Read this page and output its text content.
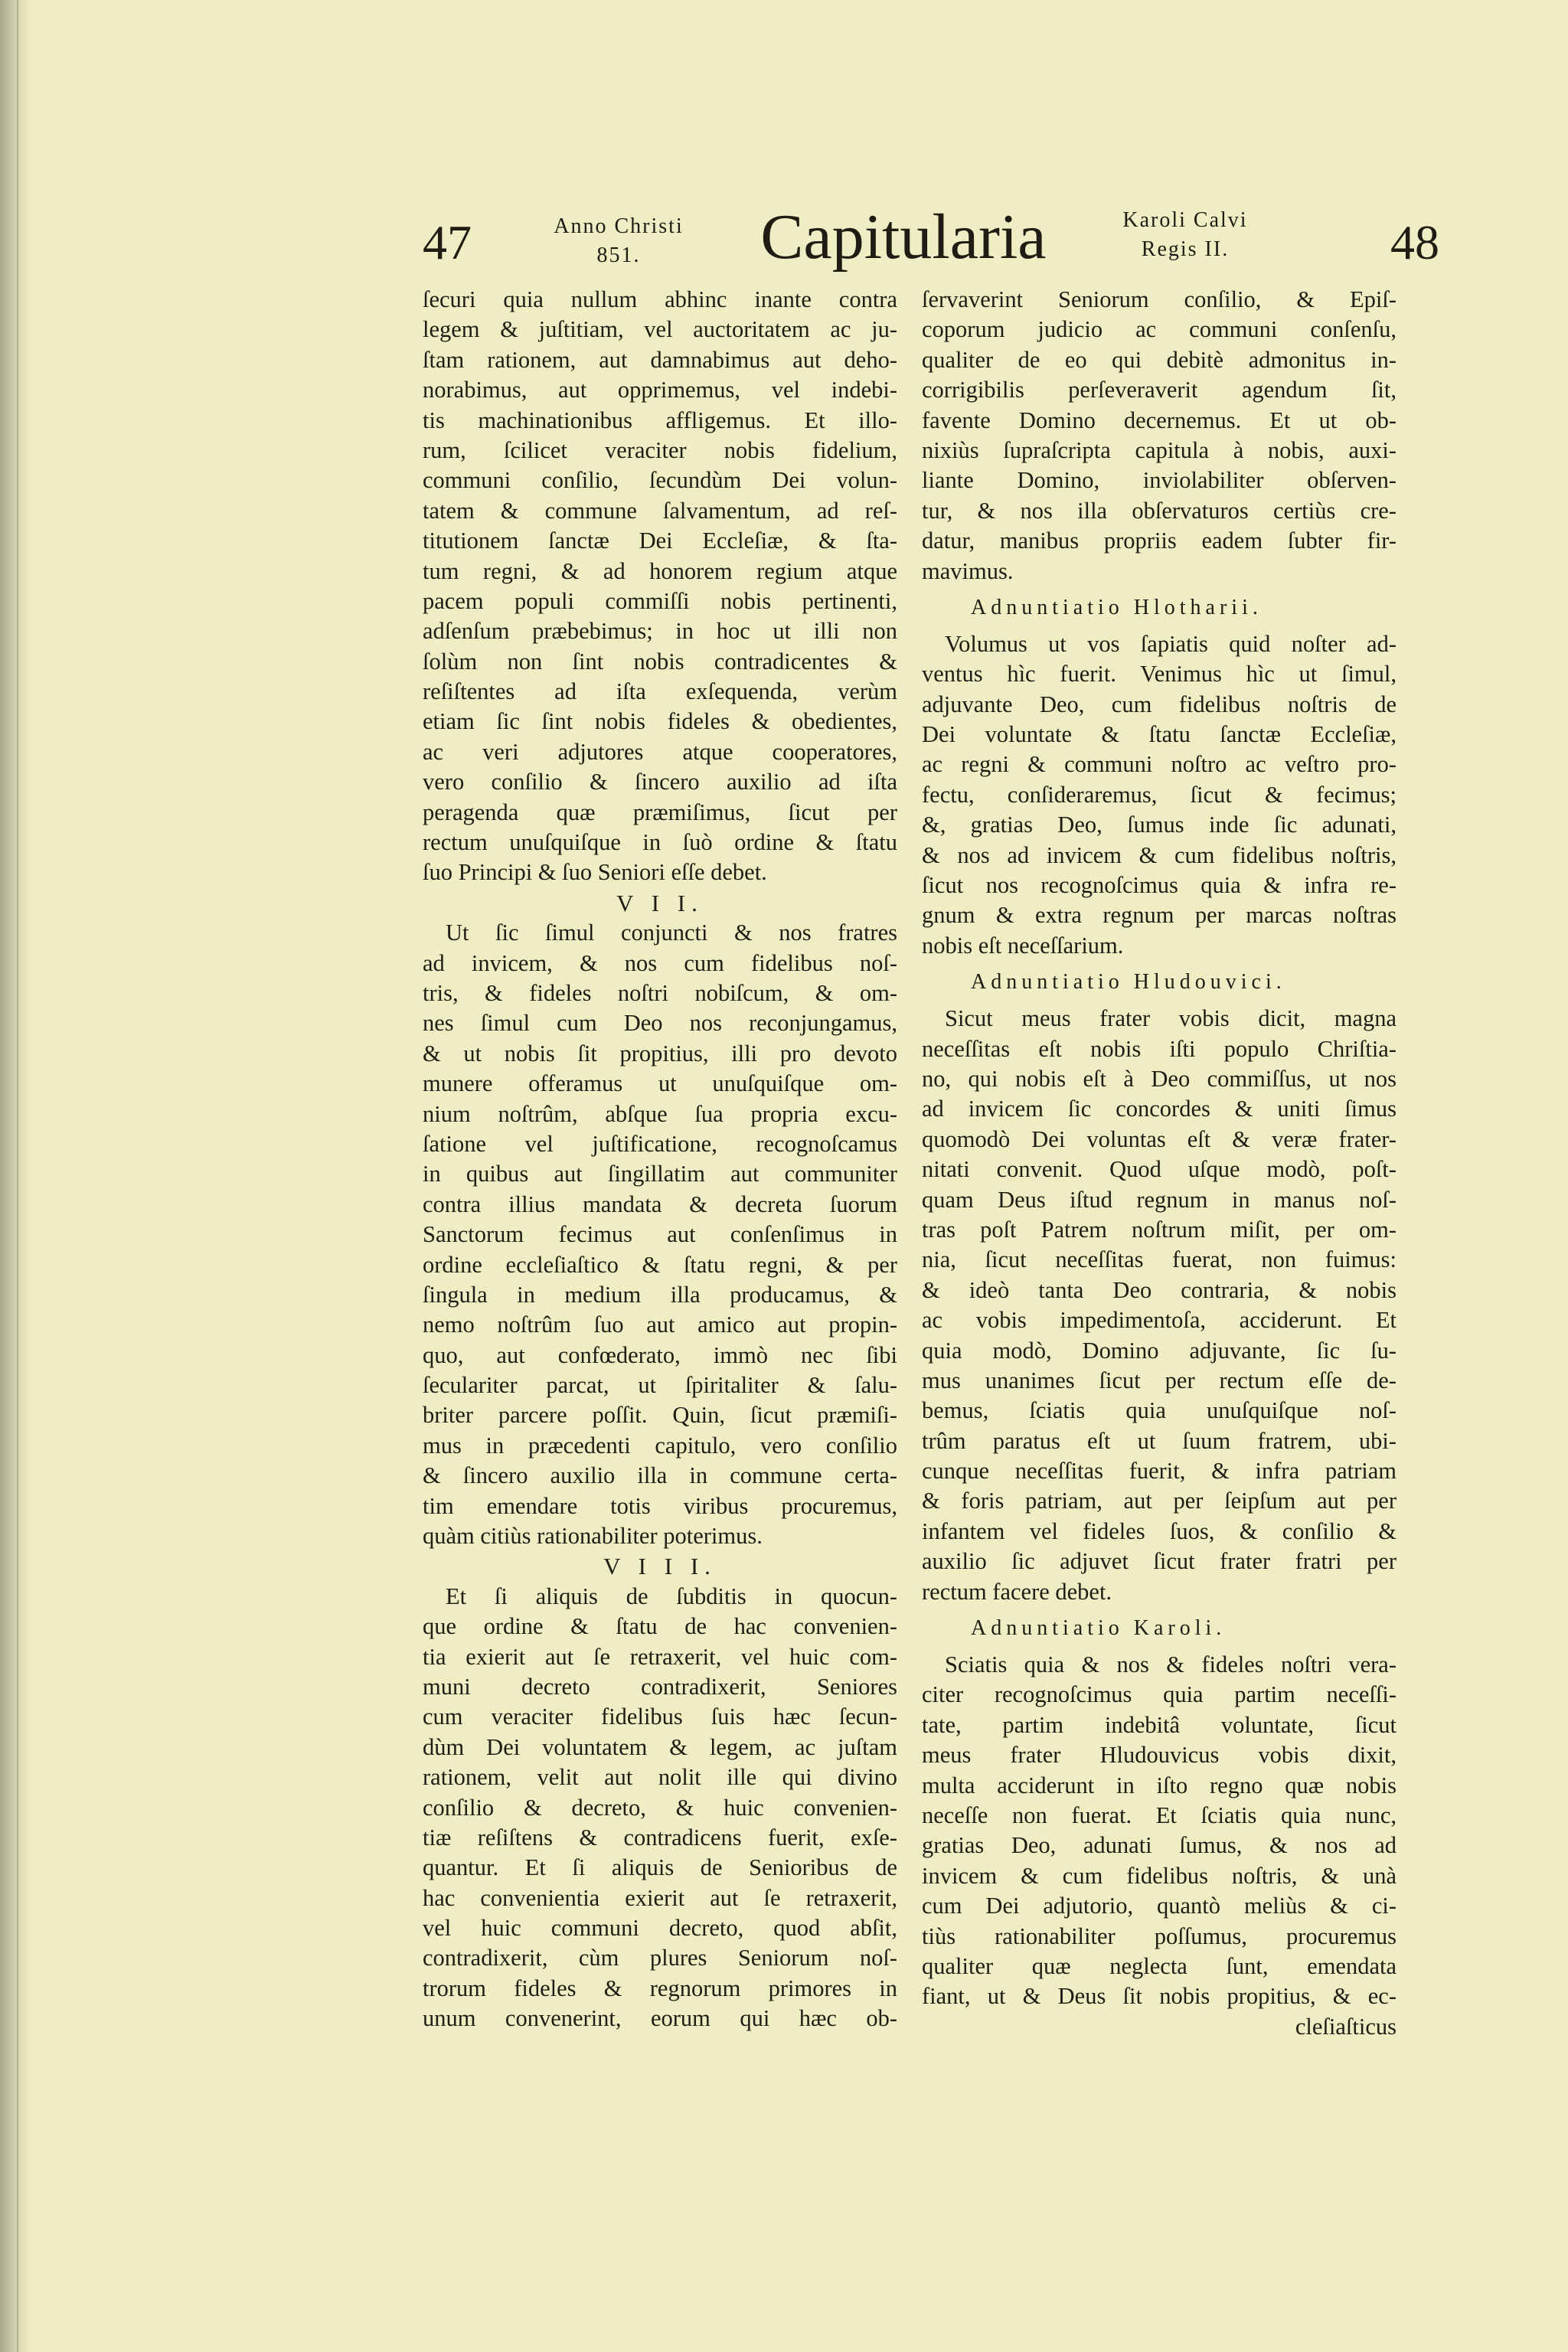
47	Anno Christi
851.	Capitularia	Karoli Calvi
Regis II.	48
ſecuri quia nullum abhinc inante contra
legem & juſtitiam, vel auctoritatem ac ju-
ſtam rationem, aut damnabimus aut deho-
norabimus, aut opprimemus, vel indebi-
tis machinationibus affligemus. Et illo-
rum, ſcilicet veraciter nobis fidelium,
communi conſilio, ſecundùm Dei volun-
tatem & commune ſalvamentum, ad reſ-
titutionem ſanctæ Dei Eccleſiæ, & ſta-
tum regni, & ad honorem regium atque
pacem populi commiſſi nobis pertinenti,
adſenſum præbebimus; in hoc ut illi non
ſolùm non ſint nobis contradicentes &
reſiſtentes ad iſta exſequenda, verùm
etiam ſic ſint nobis fideles & obedientes,
ac veri adjutores atque cooperatores,
vero conſilio & ſincero auxilio ad iſta
peragenda quæ præmiſimus, ſicut per
rectum unuſquiſque in ſuò ordine & ſtatu
ſuo Principi & ſuo Seniori eſſe debet.
V I I.
Ut ſic ſimul conjuncti & nos fratres
ad invicem, & nos cum fidelibus noſ-
tris, & fideles noſtri nobiſcum, & om-
nes ſimul cum Deo nos reconjungamus,
& ut nobis ſit propitius, illi pro devoto
munere offeramus ut unuſquiſque om-
nium noſtrûm, abſque ſua propria excu-
ſatione vel juſtificatione, recognoſcamus
in quibus aut ſingillatim aut communiter
contra illius mandata & decreta ſuorum
Sanctorum fecimus aut conſenſimus in
ordine eccleſiaſtico & ſtatu regni, & per
ſingula in medium illa producamus, &
nemo noſtrûm ſuo aut amico aut propin-
quo, aut confœderato, immò nec ſibi
ſeculariter parcat, ut ſpiritaliter & ſalu-
briter parcere poſſit. Quin, ſicut præmiſi-
mus in præcedenti capitulo, vero conſilio
& ſincero auxilio illa in commune certa-
tim emendare totis viribus procuremus,
quàm citiùs rationabiliter poterimus.
V I I I.
Et ſi aliquis de ſubditis in quocun-
que ordine & ſtatu de hac convenien-
tia exierit aut ſe retraxerit, vel huic com-
muni decreto contradixerit, Seniores
cum veraciter fidelibus ſuis hæc ſecun-
dùm Dei voluntatem & legem, ac juſtam
rationem, velit aut nolit ille qui divino
conſilio & decreto, & huic convenien-
tiæ reſiſtens & contradicens fuerit, exſe-
quantur. Et ſi aliquis de Senioribus de
hac convenientia exierit aut ſe retraxerit,
vel huic communi decreto, quod abſit,
contradixerit, cùm plures Seniorum noſ-
trorum fideles & regnorum primores in
unum convenerint, eorum qui hæc ob-
ſervaverint Seniorum conſilio, & Epiſ-
coporum judicio ac communi conſenſu,
qualiter de eo qui debitè admonitus in-
corrigibilis perſeveraverit agendum ſit,
favente Domino decernemus. Et ut ob-
nixiùs ſupraſcripta capitula à nobis, auxi-
liante Domino, inviolabiliter obſerven-
tur, & nos illa obſervaturos certiùs cre-
datur, manibus propriis eadem ſubter fir-
mavimus.
Adnuntiatio Hlotharii.
Volumus ut vos ſapiatis quid noſter ad-
ventus hìc fuerit. Venimus hìc ut ſimul,
adjuvante Deo, cum fidelibus noſtris de
Dei voluntate & ſtatu ſanctæ Eccleſiæ,
ac regni & communi noſtro ac veſtro pro-
fectu, conſideraremus, ſicut & fecimus;
&, gratias Deo, ſumus inde ſic adunati,
& nos ad invicem & cum fidelibus noſtris,
ſicut nos recognoſcimus quia & infra re-
gnum & extra regnum per marcas noſtras
nobis eſt neceſſarium.
Adnuntiatio Hludouvici.
Sicut meus frater vobis dicit, magna
neceſſitas eſt nobis iſti populo Chriſtia-
no, qui nobis eſt à Deo commiſſus, ut nos
ad invicem ſic concordes & uniti ſimus
quomodò Dei voluntas eſt & veræ frater-
nitati convenit. Quod uſque modò, poſt-
quam Deus iſtud regnum in manus noſ-
tras poſt Patrem noſtrum miſit, per om-
nia, ſicut neceſſitas fuerat, non fuimus:
& ideò tanta Deo contraria, & nobis
ac vobis impedimentoſa, acciderunt. Et
quia modò, Domino adjuvante, ſic ſu-
mus unanimes ſicut per rectum eſſe de-
bemus, ſciatis quia unuſquiſque noſ-
trûm paratus eſt ut ſuum fratrem, ubi-
cunque neceſſitas fuerit, & infra patriam
& foris patriam, aut per ſeipſum aut per
infantem vel fideles ſuos, & conſilio &
auxilio ſic adjuvet ſicut frater fratri per
rectum facere debet.
Adnuntiatio Karoli.
Sciatis quia & nos & fideles noſtri vera-
citer recognoſcimus quia partim neceſſi-
tate, partim indebitâ voluntate, ſicut
meus frater Hludouvicus vobis dixit,
multa acciderunt in iſto regno quæ nobis
neceſſe non fuerat. Et ſciatis quia nunc,
gratias Deo, adunati ſumus, & nos ad
invicem & cum fidelibus noſtris, & unà
cum Dei adjutorio, quantò meliùs & ci-
tiùs rationabiliter poſſumus, procuremus
qualiter quæ neglecta ſunt, emendata
fiant, ut & Deus ſit nobis propitius, & ec-
cleſiaſticus
